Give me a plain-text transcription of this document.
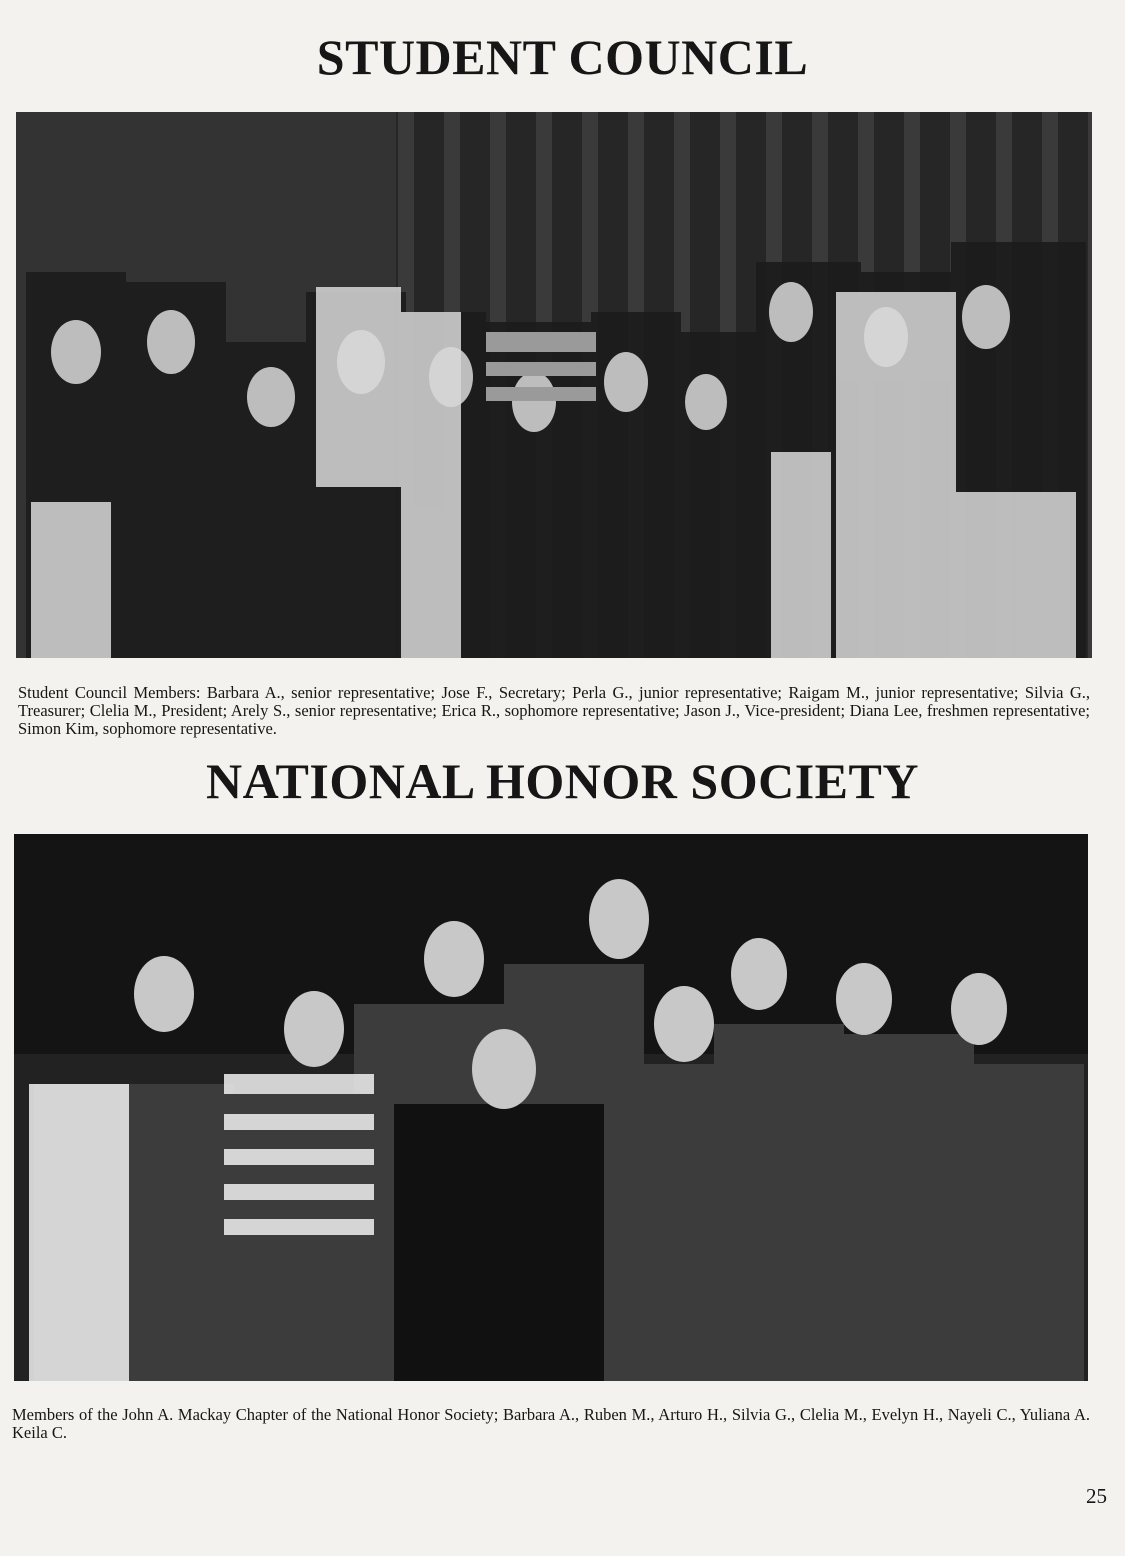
STUDENT COUNCIL

Student Council Members: Barbara A., senior representative; Jose F., Secretary; Perla G., junior representative; Raigam M., junior representative; Silvia G., Treasurer; Clelia M., President; Arely S., senior representative; Erica R., sophomore representative; Jason J., Vice-president; Diana Lee, freshmen representative; Simon Kim, sophomore representative.

NATIONAL HONOR SOCIETY

Members of the John A. Mackay Chapter of the National Honor Society; Barbara A., Ruben M., Arturo H., Silvia G., Clelia M., Evelyn H., Nayeli C., Yuliana A. Keila C.

25
